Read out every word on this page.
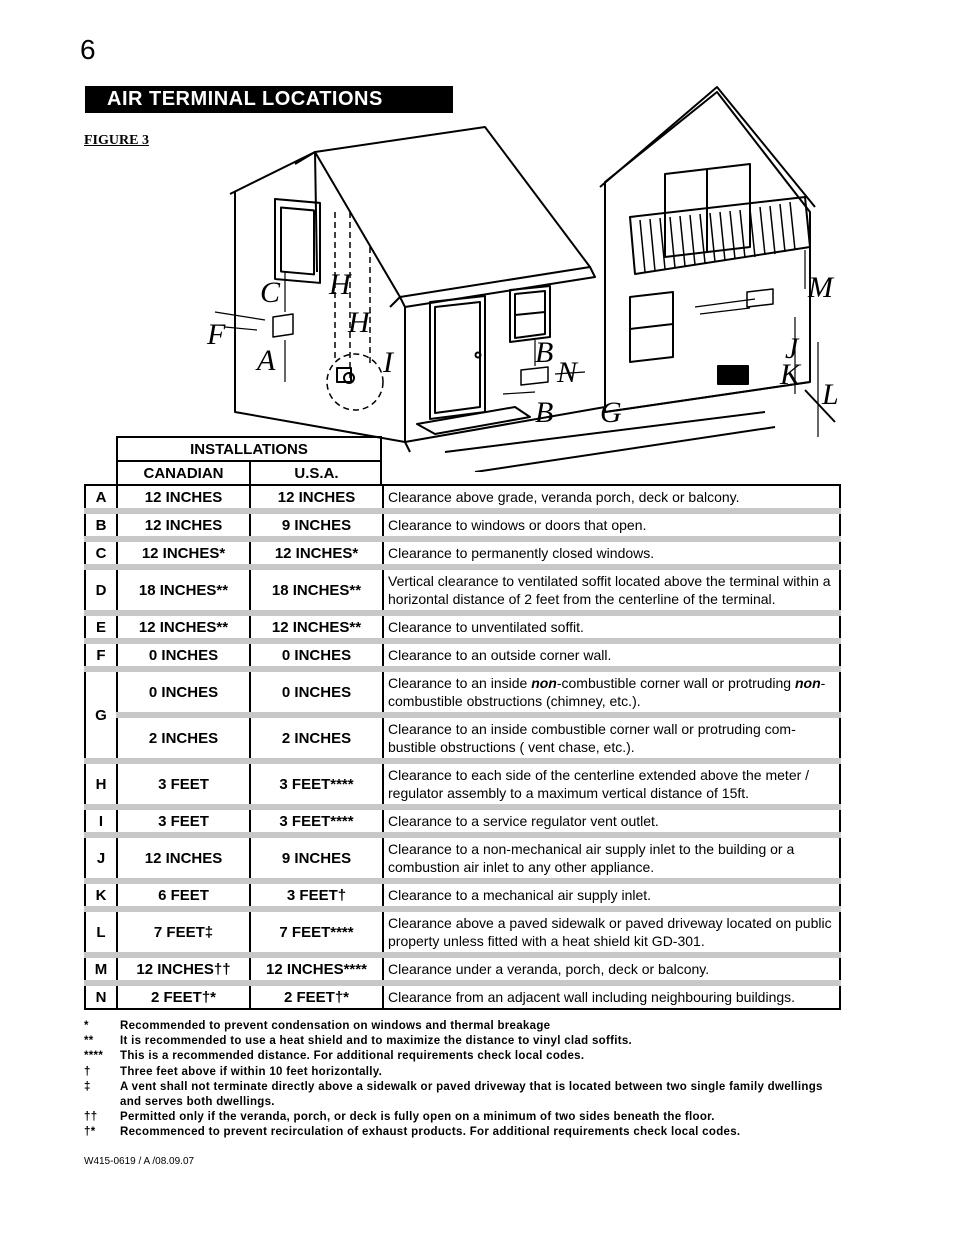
6
AIR TERMINAL LOCATIONS
FIGURE 3
C
F
A
H
H
I	B
N
B G
M
J
K
L
INSTALLATIONS
CANADIAN	U.S.A.
A	12 INCHES	12 INCHES	Clearance above grade, veranda porch, deck or balcony.
B	12 INCHES	9 INCHES	Clearance to windows or doors that open.
C	12 INCHES*	12 INCHES*	Clearance to permanently closed windows.
D	18 INCHES**	18 INCHES**	Vertical clearance to ventilated soffit located above the terminal within a horizontal distance of 2 feet from the centerline of the terminal.
E	12 INCHES**	12 INCHES**	Clearance to unventilated soffit.
F	0 INCHES	0 INCHES	Clearance to an outside corner wall.
G	0 INCHES	0 INCHES	Clearance to an inside non-combustible corner wall or protruding non-combustible obstructions (chimney, etc.).
	2 INCHES	2 INCHES	Clearance to an inside combustible corner wall or protruding com-bustible obstructions ( vent chase, etc.).
H	3 FEET	3 FEET****	Clearance to each side of the centerline extended above the meter / regulator assembly to a maximum vertical distance of 15ft.
I	3 FEET	3 FEET****	Clearance to a service regulator vent outlet.
J	12 INCHES	9 INCHES	Clearance to a non-mechanical air supply inlet to the building or a combustion air inlet to any other appliance.
K	6 FEET	3 FEET†	Clearance to a mechanical air supply inlet.
L	7 FEET‡	7 FEET****	Clearance above a paved sidewalk or paved driveway located on public property unless fitted with a heat shield kit GD-301.
M	12 INCHES††	12 INCHES****	Clearance under a veranda, porch, deck or balcony.
N	2 FEET†*	2 FEET†*	Clearance from an adjacent wall including neighbouring buildings.
*	Recommended to prevent condensation on windows and thermal breakage
**	It is recommended to use a heat shield and to maximize the distance to vinyl clad soffits.
****	This is a recommended distance. For additional requirements check local codes.
†	Three feet above if within 10 feet horizontally.
‡	A vent shall not terminate directly above a sidewalk or paved driveway that is located between two single family dwellings and serves both dwellings.
††	Permitted only if the veranda, porch, or deck is fully open on a minimum of two sides beneath the floor.
†*	Recommenced to prevent recirculation of exhaust products. For additional requirements check local codes.
W415-0619 / A /08.09.07
